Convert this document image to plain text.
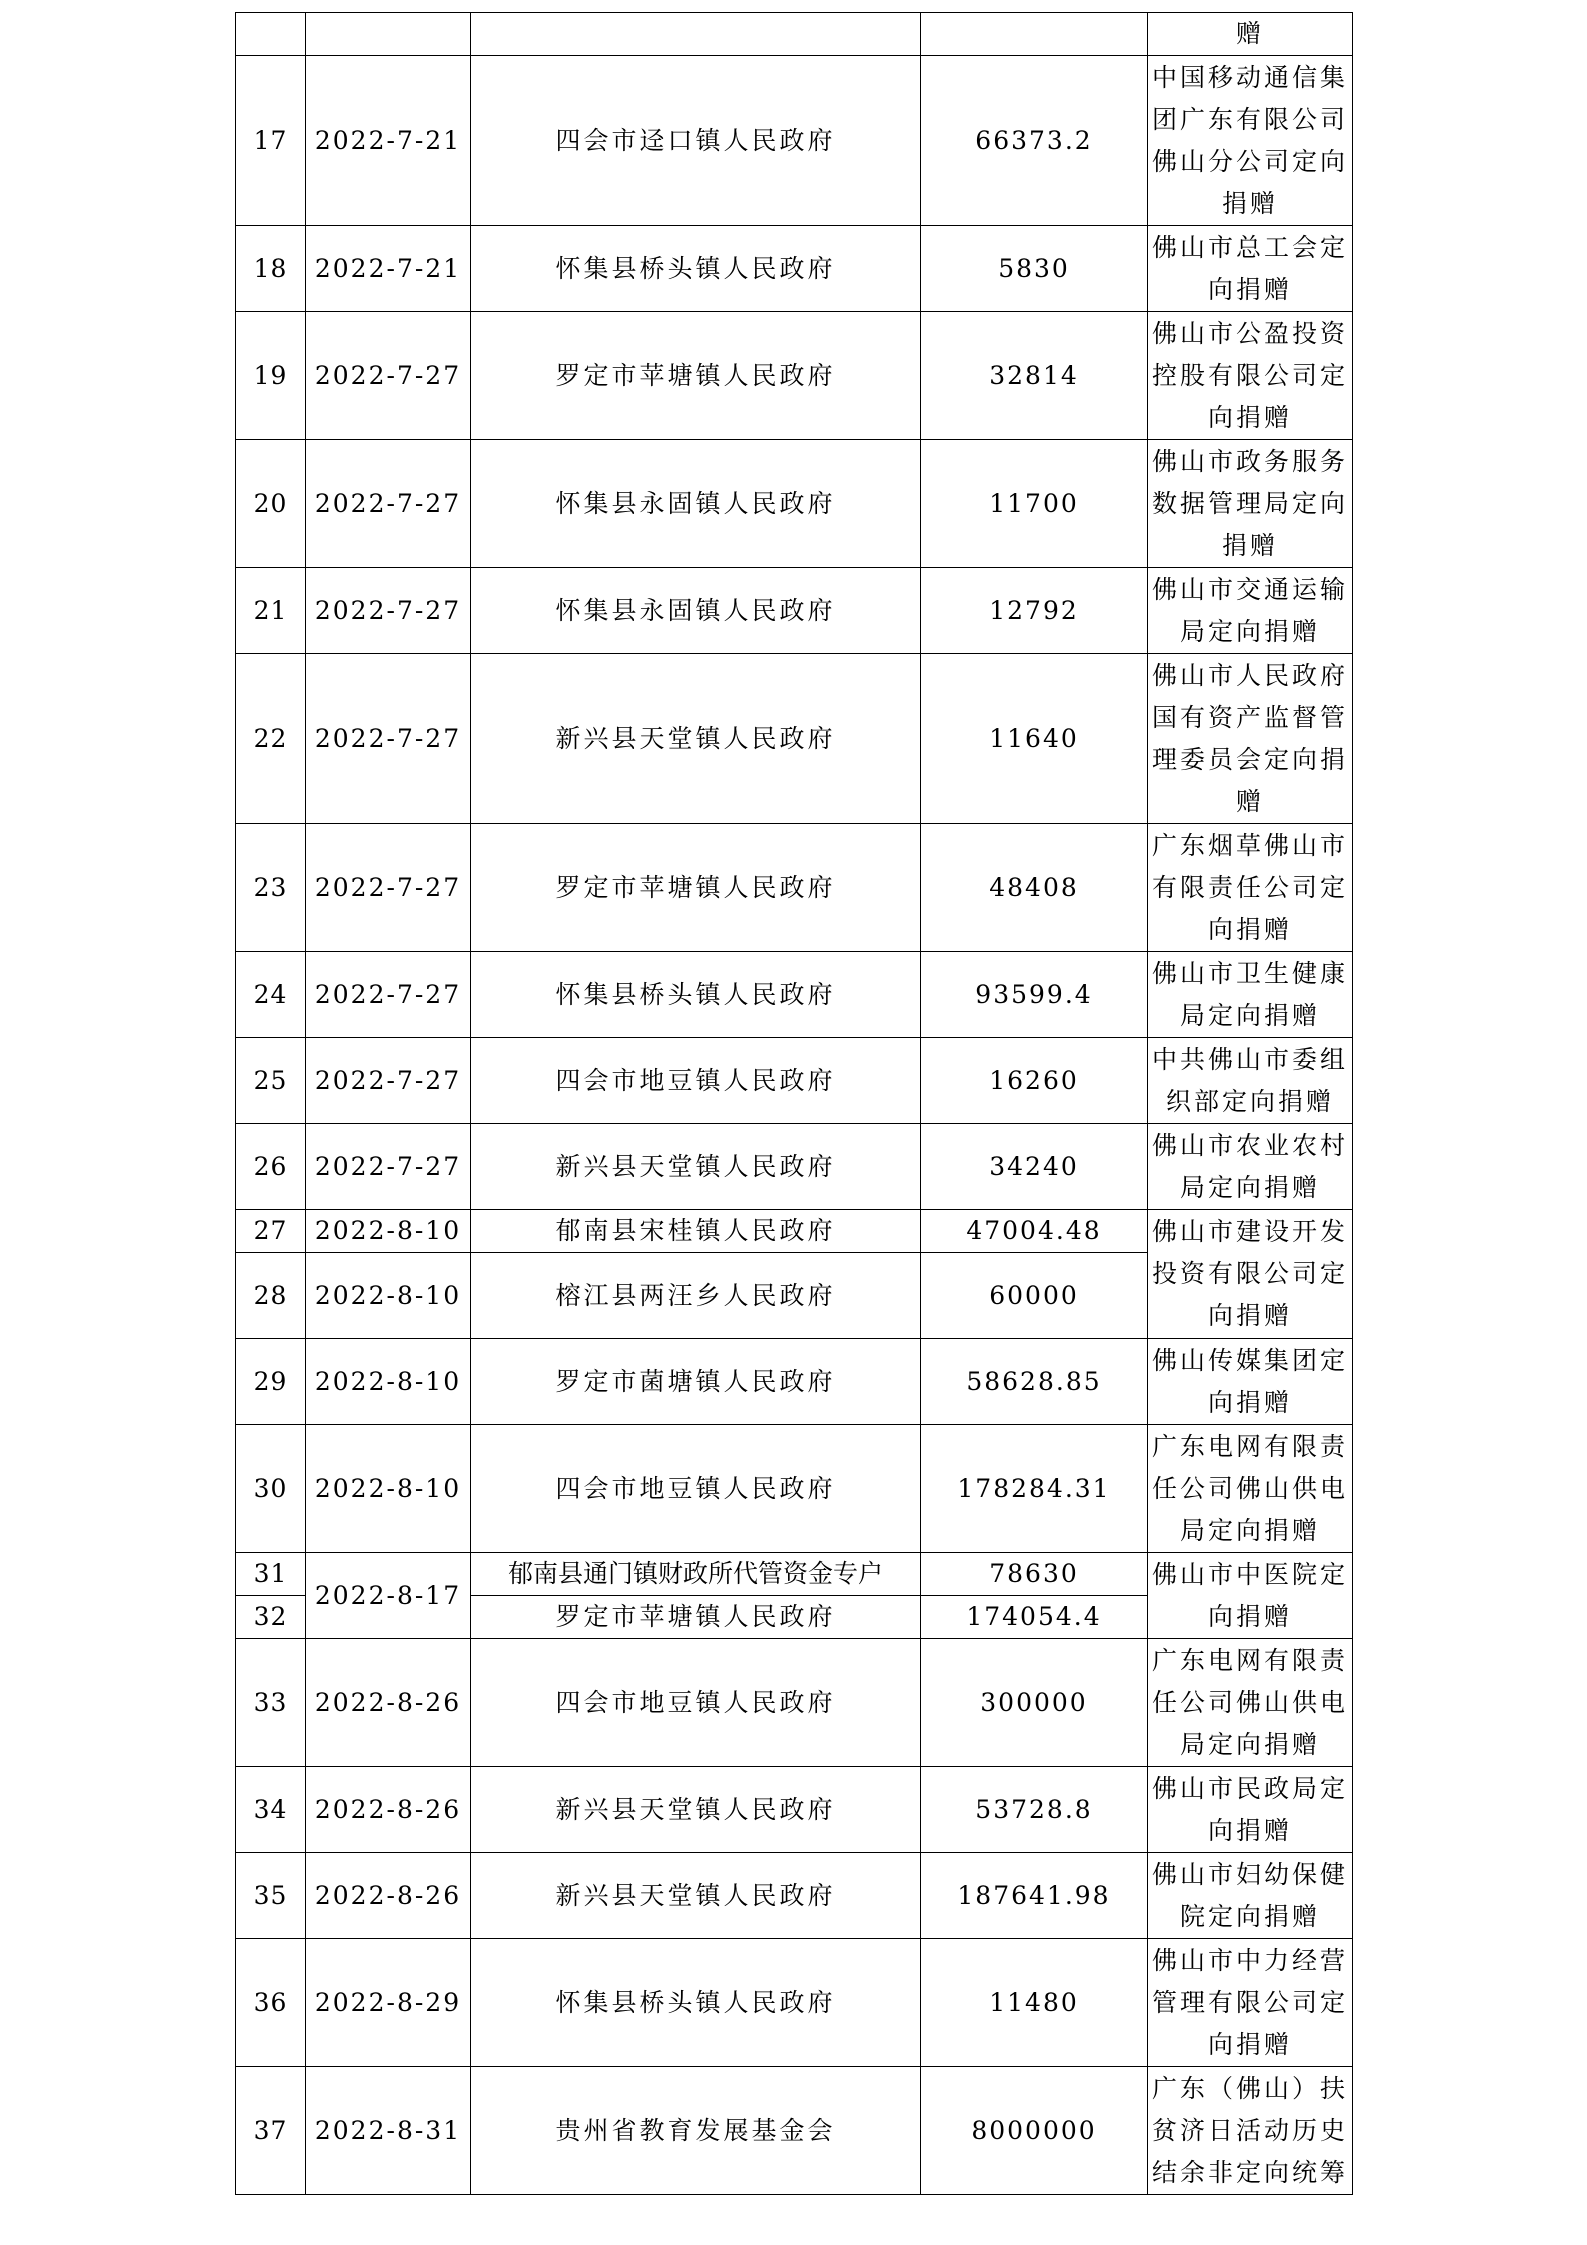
				赠

17	2022-7-21	四会市迳口镇人民政府	66373.2	中国移动通信集
团广东有限公司
佛山分公司定向
捐赠

18	2022-7-21	怀集县桥头镇人民政府	5830	佛山市总工会定
向捐赠

19	2022-7-27	罗定市苹塘镇人民政府	32814	佛山市公盈投资
控股有限公司定
向捐赠

20	2022-7-27	怀集县永固镇人民政府	11700	佛山市政务服务
数据管理局定向
捐赠

21	2022-7-27	怀集县永固镇人民政府	12792	佛山市交通运输
局定向捐赠

22	2022-7-27	新兴县天堂镇人民政府	11640	佛山市人民政府
国有资产监督管
理委员会定向捐
赠

23	2022-7-27	罗定市苹塘镇人民政府	48408	广东烟草佛山市
有限责任公司定
向捐赠

24	2022-7-27	怀集县桥头镇人民政府	93599.4	佛山市卫生健康
局定向捐赠

25	2022-7-27	四会市地豆镇人民政府	16260	中共佛山市委组
织部定向捐赠

26	2022-7-27	新兴县天堂镇人民政府	34240	佛山市农业农村
局定向捐赠

27	2022-8-10	郁南县宋桂镇人民政府	47004.48	佛山市建设开发
投资有限公司定
向捐赠

28	2022-8-10	榕江县两汪乡人民政府	60000	
29	2022-8-10	罗定市菌塘镇人民政府	58628.85	佛山传媒集团定
向捐赠

30	2022-8-10	四会市地豆镇人民政府	178284.31	广东电网有限责
任公司佛山供电
局定向捐赠

31	2022-8-17	郁南县通门镇财政所代管资金专户	78630	佛山市中医院定
向捐赠

32		罗定市苹塘镇人民政府	174054.4	
33	2022-8-26	四会市地豆镇人民政府	300000	广东电网有限责
任公司佛山供电
局定向捐赠

34	2022-8-26	新兴县天堂镇人民政府	53728.8	佛山市民政局定
向捐赠

35	2022-8-26	新兴县天堂镇人民政府	187641.98	佛山市妇幼保健
院定向捐赠

36	2022-8-29	怀集县桥头镇人民政府	11480	佛山市中力经营
管理有限公司定
向捐赠

37	2022-8-31	贵州省教育发展基金会	8000000	广东（佛山）扶
贫济日活动历史
结余非定向统筹
